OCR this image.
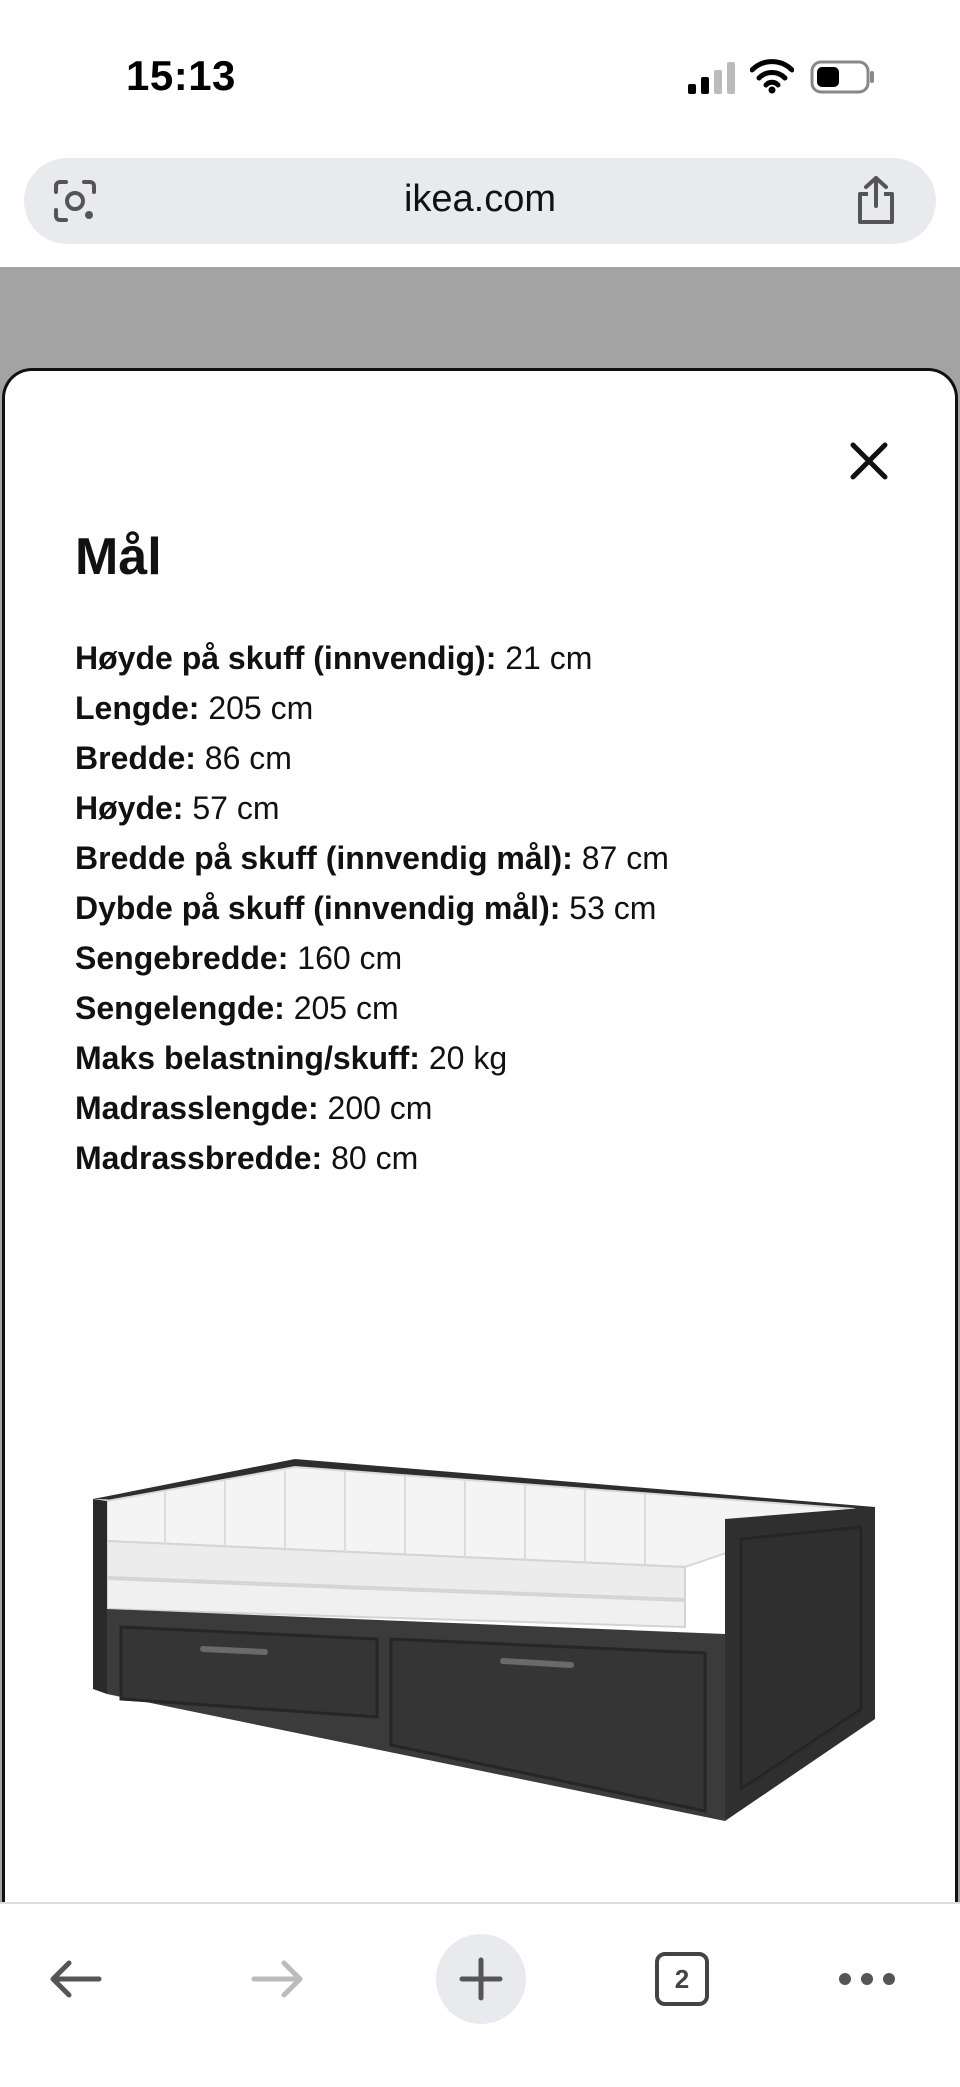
15:13
ikea.com
Mål
Høyde på skuff (innvendig): 21 cm
Lengde: 205 cm
Bredde: 86 cm
Høyde: 57 cm
Bredde på skuff (innvendig mål): 87 cm
Dybde på skuff (innvendig mål): 53 cm
Sengebredde: 160 cm
Sengelengde: 205 cm
Maks belastning/skuff: 20 kg
Madrasslengde: 200 cm
Madrassbredde: 80 cm
2
